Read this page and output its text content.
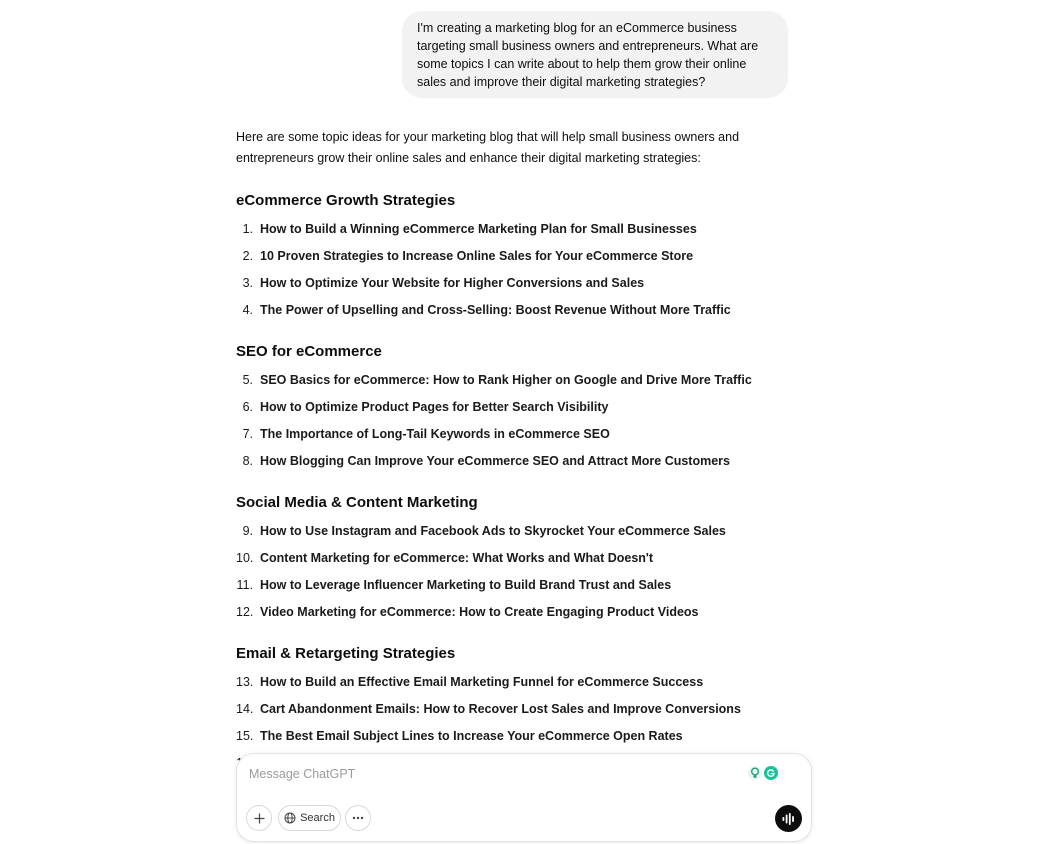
I'm creating a marketing blog for an eCommerce business targeting small business owners and entrepreneurs. What are some topics I can write about to help them grow their online sales and improve their digital marketing strategies?

Here are some topic ideas for your marketing blog that will help small business owners and entrepreneurs grow their online sales and enhance their digital marketing strategies:

eCommerce Growth Strategies
1. How to Build a Winning eCommerce Marketing Plan for Small Businesses
2. 10 Proven Strategies to Increase Online Sales for Your eCommerce Store
3. How to Optimize Your Website for Higher Conversions and Sales
4. The Power of Upselling and Cross-Selling: Boost Revenue Without More Traffic
SEO for eCommerce
5. SEO Basics for eCommerce: How to Rank Higher on Google and Drive More Traffic
6. How to Optimize Product Pages for Better Search Visibility
7. The Importance of Long-Tail Keywords in eCommerce SEO
8. How Blogging Can Improve Your eCommerce SEO and Attract More Customers
Social Media & Content Marketing
9. How to Use Instagram and Facebook Ads to Skyrocket Your eCommerce Sales
10. Content Marketing for eCommerce: What Works and What Doesn't
11. How to Leverage Influencer Marketing to Build Brand Trust and Sales
12. Video Marketing for eCommerce: How to Create Engaging Product Videos
Email & Retargeting Strategies
13. How to Build an Effective Email Marketing Funnel for eCommerce Success
14. Cart Abandonment Emails: How to Recover Lost Sales and Improve Conversions
15. The Best Email Subject Lines to Increase Your eCommerce Open Rates
Message ChatGPT
Search
